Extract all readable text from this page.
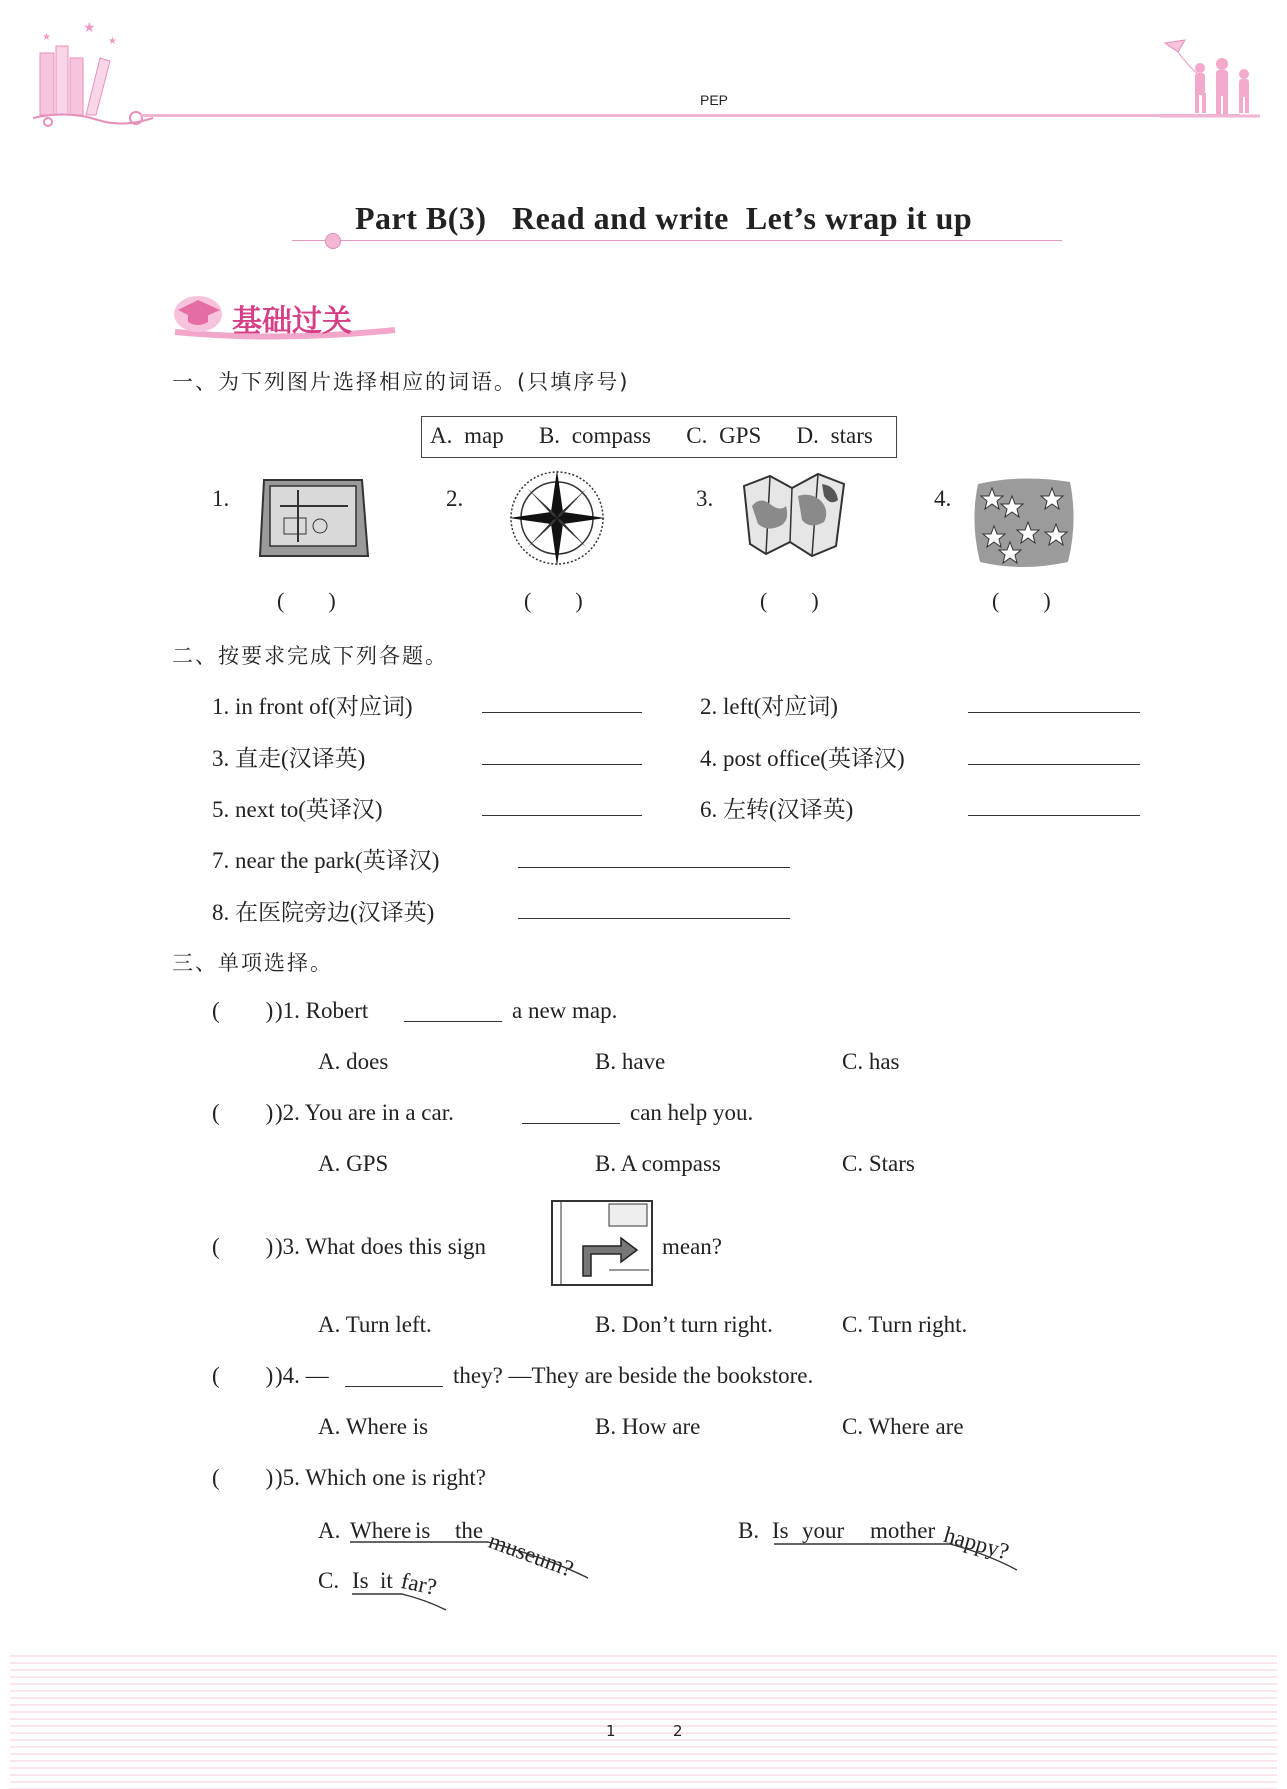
★
★
★
PEP
Part B(3)   Read and write  Let’s wrap it up
基础过关
一、为下列图片选择相应的词语。(只填序号)
A. map   B. compass   C. GPS   D. stars
1.
(        )
2.
(        )
3.
(        )
4.
(        )
二、按要求完成下列各题。
1. in front of(对应词)	2. left(对应词)
3. 直走(汉译英)	4. post office(英译汉)
5. next to(英译汉)	6. 左转(汉译英)
7. near the park(英译汉)
8. 在医院旁边(汉译英)
三、单项选择。
(        ) )1. Robert	a new map.
A. does	B. have	C. has
(        ) )2. You are in a car.	can help you.
A. GPS	B. A compass	C. Stars
(        ) )3. What does this sign	mean?
A. Turn left.	B. Don’t turn right.	C. Turn right.
(        ) )4. —	they? —They are beside the bookstore.
A. Where is	B. How are	C. Where are
(        ) )5. Which one is right?
A. Where is the museum?	B. Is your mother happy?
C. Is it far?
1	2
